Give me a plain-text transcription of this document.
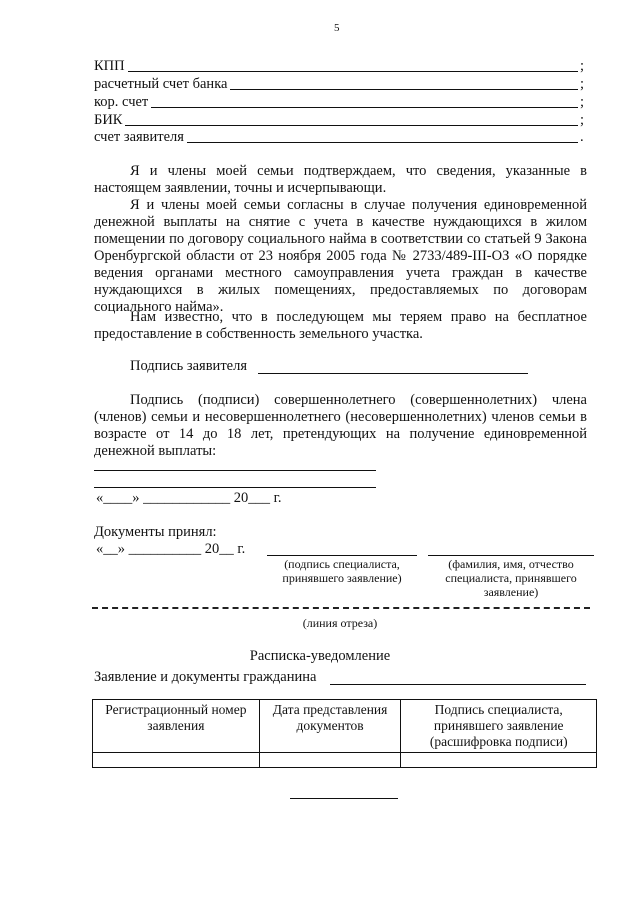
5
КПП	;
расчетный счет банка	;
кор. счет	;
БИК	;
счет заявителя	.
Я и члены моей семьи подтверждаем, что сведения, указанные в настоящем заявлении, точны и исчерпывающи.
Я и члены моей семьи согласны в случае получения единовременной денежной выплаты на снятие с учета в качестве нуждающихся в жилом помещении по договору социального найма в соответствии со статьей 9 Закона Оренбургской области от 23 ноября 2005 года № 2733/489-III-ОЗ «О порядке ведения органами местного самоуправления учета граждан в качестве нуждающихся в жилых помещениях, предоставляемых по договорам социального найма».
Нам известно, что в последующем мы теряем право на бесплатное предоставление в собственность земельного участка.
Подпись заявителя
Подпись (подписи) совершеннолетнего (совершеннолетних) члена (членов) семьи и несовершеннолетнего (несовершеннолетних) членов семьи в возрасте от 14 до 18 лет, претендующих на получение единовременной денежной выплаты:
«____» ____________ 20___ г.
Документы принял:
«__» __________ 20__ г.
(подпись специалиста, принявшего заявление)
(фамилия, имя, отчество специалиста, принявшего заявление)
(линия отреза)
Расписка-уведомление
Заявление и документы гражданина
Регистрационный номер заявления	Дата представления документов	Подпись специалиста, принявшего заявление (расшифровка подписи)
